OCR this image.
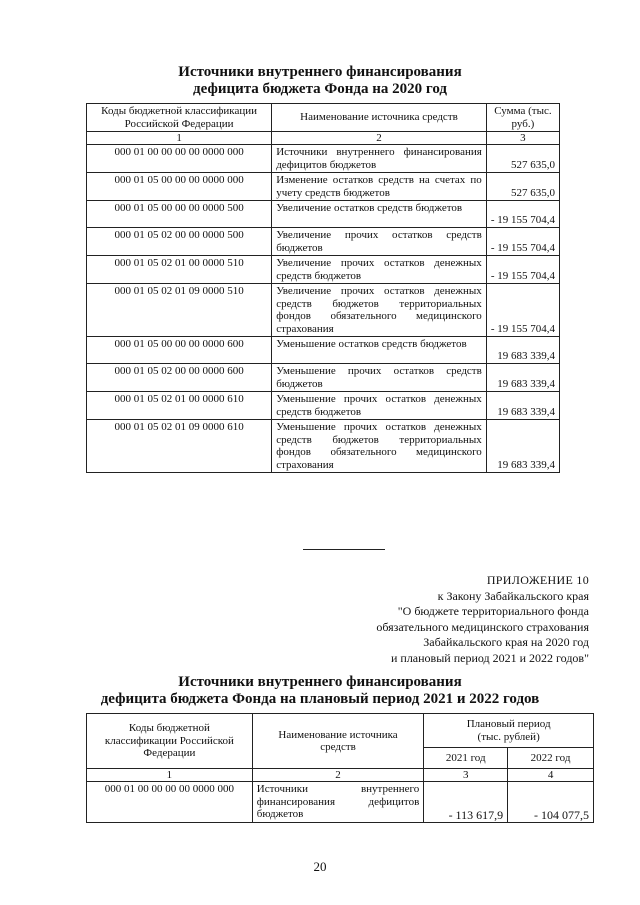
Источники внутреннего финансирования
дефицита бюджета Фонда на 2020 год
Коды бюджетной классификации Российской Федерации	Наименование источника средств	Сумма (тыс. руб.)
1	2	3
000 01 00 00 00 00 0000 000	Источники внутреннего финансирования дефицитов бюджетов	527 635,0
000 01 05 00 00 00 0000 000	Изменение остатков средств на счетах по учету средств бюджетов	527 635,0
000 01 05 00 00 00 0000 500	Увеличение остатков средств бюджетов	- 19 155 704,4
000 01 05 02 00 00 0000 500	Увеличение прочих остатков средств бюджетов	- 19 155 704,4
000 01 05 02 01 00 0000 510	Увеличение прочих остатков денежных средств бюджетов	- 19 155 704,4
000 01 05 02 01 09 0000 510	Увеличение прочих остатков денежных средств бюджетов территориальных фондов обязательного медицинского страхования	- 19 155 704,4
000 01 05 00 00 00 0000 600	Уменьшение остатков средств бюджетов	19 683 339,4
000 01 05 02 00 00 0000 600	Уменьшение прочих остатков средств бюджетов	19 683 339,4
000 01 05 02 01 00 0000 610	Уменьшение прочих остатков денежных средств бюджетов	19 683 339,4
000 01 05 02 01 09 0000 610	Уменьшение прочих остатков денежных средств бюджетов территориальных фондов обязательного медицинского страхования	19 683 339,4
ПРИЛОЖЕНИЕ 10
к Закону Забайкальского края
"О бюджете территориального фонда
обязательного медицинского страхования
Забайкальского края на 2020 год
и плановый период 2021 и 2022 годов"
Источники внутреннего финансирования
дефицита бюджета Фонда на плановый период 2021 и 2022 годов
Коды бюджетной классификации Российской Федерации	Наименование источника средств	Плановый период (тыс. рублей)	
		2021 год	2022 год
1	2	3	4
000 01 00 00 00 00 0000 000	Источники внутреннего финансирования дефицитов бюджетов	- 113 617,9	- 104 077,5
20
